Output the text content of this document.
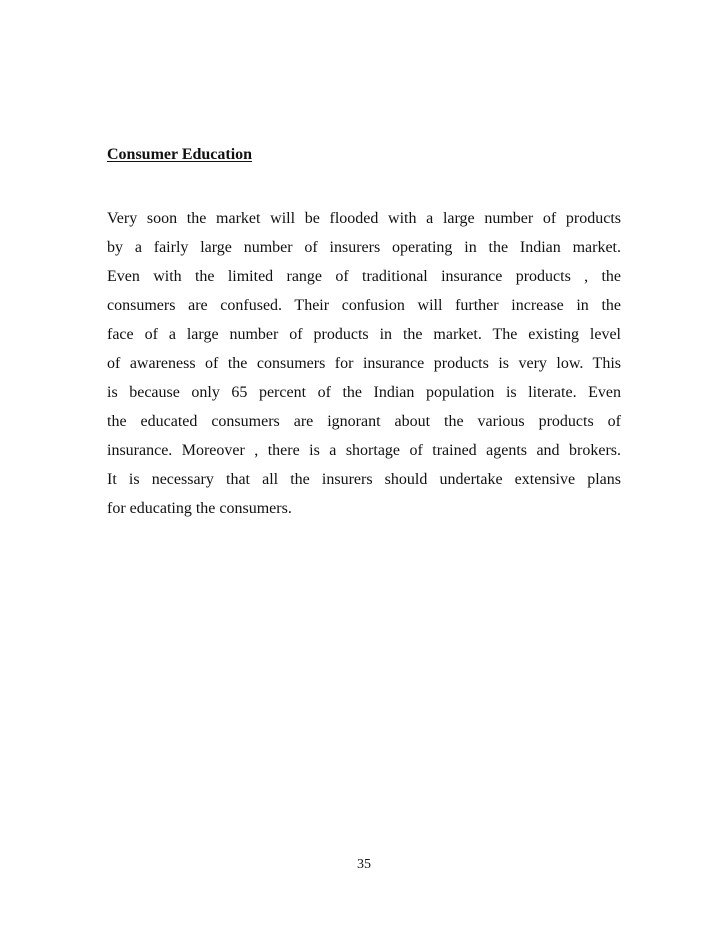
Consumer Education
Very soon the market will be flooded with a large number of products
by a fairly large number of insurers operating in the Indian market.
Even with the limited range of traditional insurance products , the
consumers are confused. Their confusion will further increase in the
face of a large number of products in the market. The existing level
of awareness of the consumers for insurance products is very low. This
is because only 65 percent of the Indian population is literate. Even
the educated consumers are ignorant about the various products of
insurance. Moreover , there is a shortage of trained agents and brokers.
It is necessary that all the insurers should undertake extensive plans
for educating the consumers.
35
